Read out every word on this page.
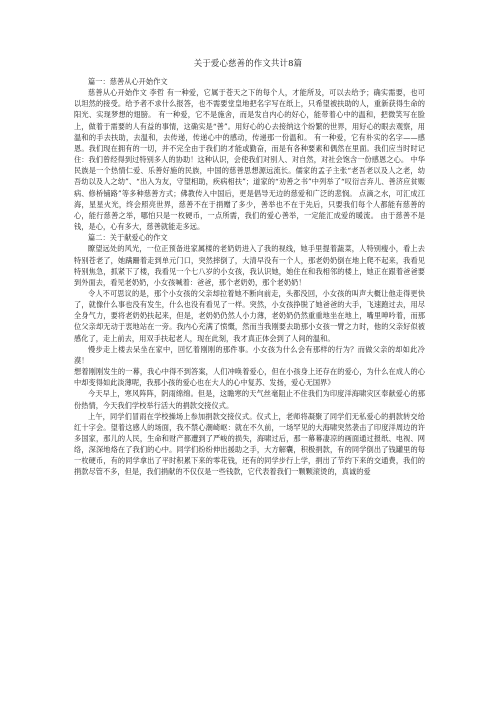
关于爱心慈善的作文共计8篇

篇一：慈善从心开始作文

慈善从心开始作文 李哲 有一种爱，它属于苍天之下的每个人，才能所及，可以去给予；确实需要，也可以坦然的接受。给予者不求什么报答，也不需要堂皇地把名字写在纸上，只希望被扶助的人，重新获得生命的阳光、实现梦想的翅膀。 有一种爱，它不是施舍，而是发自内心的好心，能带着心中的温和，把微笑写在脸上，做着于需要的人有益的事情，这确实是“善”。用好心的心去接纳这个纷繁的世界，用好心的眼去观察，用温和的手去扶助，去温和，去传递，传递心中的感动，传递那一份温和。 有一种爱，它有朴实的名字——感恩。我们现在拥有的一切，并不完全由于我们的才能或勤奋，而是有各种要素和偶然在里面。我们应当时时记住：我们曾经得到过特别多人的协助！这种认识，会使我们对别人、对自然，对社会饱含一份感恩之心。 中华民族是一个热情仁爱、乐善好施的民族，中国的慈善思想源远流长。儒家的孟子主张“老吾老以及人之老，幼吾幼以及人之幼”、“出入为友，守望相助，疾病相扶”；道家的“劝善之书”中列举了“叹衍吉弃儿、善济应贫赈病、修桥铺路”等多种慈善方式；佛教传入中国后，更是倡导无边的慈爱和广泛的悲悯。 点滴之水，可汇成江海，星星火光，终会照亮世界，慈善不在于捐赠了多少，善举也不在于先后，只要我们每个人都能有慈善的心，能行慈善之举，哪怕只是一枚硬币，一点所需，我们的爱心善举，一定能汇成爱的暖流。 由于慈善不是钱，是心，心有多大，慈善就能走多远。

篇二：关于献爱心的作文

瞭望远处的风光，一位正预备进家属楼的老奶奶进入了我的视线，她手里提着蔬菜，人特别瘦小，看上去特别苍老了，她蹒跚着走到单元门口，突然摔倒了，大清早没有一个人，那老奶奶倒在地上爬不起来，我看见特别焦急，抓紧下了楼，我看见一个七八岁的小女孩，我认识她，她住在和我相邻的楼上，她正在跟着爸爸要到外面去，看见老奶奶，小女孩喊着：爸爸，那个老奶奶，那个老奶奶！

令人不可思议的是，那个小女孩的父亲却拉着她不断向前走，头都没回，小女孩的叫声大概让他走得更快了，就像什么事也没有发生，什么也没有看见了一样。突然，小女孩挣脱了她爸爸的大手，飞速跑过去，用尽全身气力，要将老奶奶扶起来，但是，老奶奶仍然人小力薄，老奶奶仍然重重地坐在地上，嘴里呻吟着，而那位父亲却无动于衷地站在一旁。我内心充满了愤慨，然而当我刚要去助那小女孩一臂之力时，他的父亲好似被感化了，走上前去，用双手扶起老人，现在此刻，我才真正体会到了人间的温和。

慢步走上楼去呆坐在家中，回忆着刚刚的那件事。小女孩为什么会有那样的行为？而做父亲的却如此冷漠！

想着刚刚发生的一幕，我心中得不到答案，人们冲唤着爱心，但在小孩身上还存在的爱心，为什么在成人的心中却变得如此淡薄呢，我那小孩的爱心也在大人的心中复苏、发扬，爱心无国界》

今天早上，寒风阵阵，阴雨绵绵。但是，这瞻寒的天气丝毫阻止不住我们为印度洋海啸灾区奉献爱心的那份热情，今天我们学校举行活大的捐款交接仪式。

上午，同学们冒雨在学校操场上参加捐款交接仪式。仪式上，老师将凝聚了同学们无私爱心的捐款转交给红十字会。望着这感人的场面，我不禁心潮崎岖：就在不久前，一场罕见的大海啸突然袭击了印度洋周边的许多国家，那儿的人民，生命和财产都遭到了严峻的损失，海啸过后，那一幕幕凄凉的画面通过报纸、电视、网络，深深地烙在了我们的心中。同学们纷纷伸出援助之手，大方解囊，积极捐款，有的同学倒出了钱罐里的每一枚硬币，有的同学拿出了平时积累下来的零花钱，还有的同学步行上学，捐出了节约下来的交通费，我们的捐款尽管不多，但是，我们捐献的不仅仅是一些钱款，它代表着我们一颗颗滚烫的，真诚的爱
